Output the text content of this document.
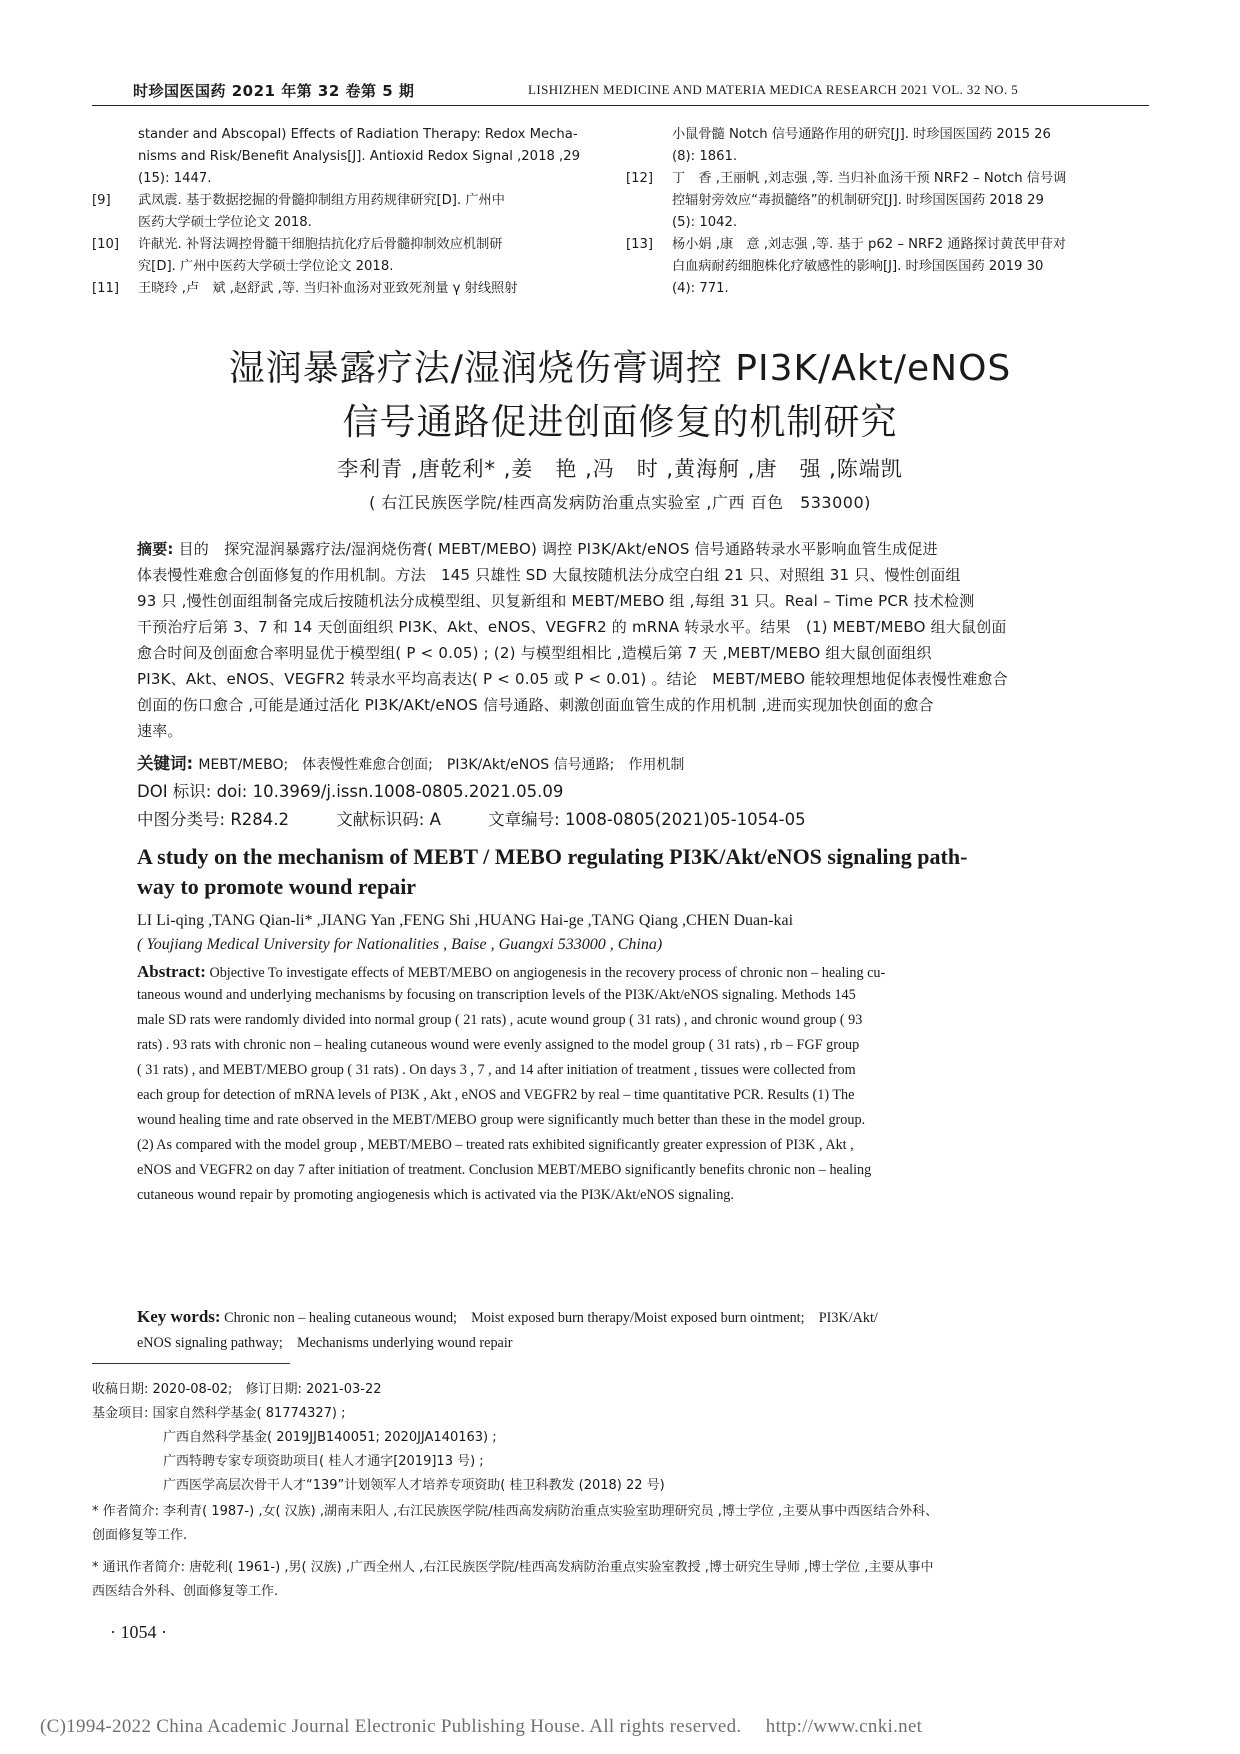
时珍国医国药 2021 年第 32 卷第 5 期	LISHIZHEN MEDICINE AND MATERIA MEDICA RESEARCH 2021 VOL. 32 NO. 5
stander and Abscopal) Effects of Radiation Therapy: Redox Mecha-
nisms and Risk/Benefit Analysis[J]. Antioxid Redox Signal ,2018 ,29
(15): 1447.
[9] 武凤震. 基于数据挖掘的骨髓抑制组方用药规律研究[D]. 广州中
医药大学硕士学位论文 2018.
[10] 许献光. 补肾法调控骨髓干细胞拮抗化疗后骨髓抑制效应机制研
究[D]. 广州中医药大学硕士学位论文 2018.
[11] 王晓玲 ,卢　斌 ,赵舒武 ,等. 当归补血汤对亚致死剂量 γ 射线照射
小鼠骨髓 Notch 信号通路作用的研究[J]. 时珍国医国药 2015 26
(8): 1861.
[12] 丁　香 ,王丽帆 ,刘志强 ,等. 当归补血汤干预 NRF2 – Notch 信号调
控辐射旁效应“毒损髓络”的机制研究[J]. 时珍国医国药 2018 29
(5): 1042.
[13] 杨小娟 ,康　意 ,刘志强 ,等. 基于 p62 – NRF2 通路探讨黄芪甲苷对
白血病耐药细胞株化疗敏感性的影响[J]. 时珍国医国药 2019 30
(4): 771.
湿润暴露疗法/湿润烧伤膏调控 PI3K/Akt/eNOS
信号通路促进创面修复的机制研究
李利青 ,唐乾利* ,姜　艳 ,冯　时 ,黄海舸 ,唐　强 ,陈端凯
( 右江民族医学院/桂西高发病防治重点实验室 ,广西 百色　533000)
摘要: 目的　探究湿润暴露疗法/湿润烧伤膏( MEBT/MEBO) 调控 PI3K/Akt/eNOS 信号通路转录水平影响血管生成促进
体表慢性难愈合创面修复的作用机制。方法　145 只雄性 SD 大鼠按随机法分成空白组 21 只、对照组 31 只、慢性创面组
93 只 ,慢性创面组制备完成后按随机法分成模型组、贝复新组和 MEBT/MEBO 组 ,每组 31 只。Real – Time PCR 技术检测
干预治疗后第 3、7 和 14 天创面组织 PI3K、Akt、eNOS、VEGFR2 的 mRNA 转录水平。结果　(1) MEBT/MEBO 组大鼠创面
愈合时间及创面愈合率明显优于模型组( P < 0.05) ; (2) 与模型组相比 ,造模后第 7 天 ,MEBT/MEBO 组大鼠创面组织
PI3K、Akt、eNOS、VEGFR2 转录水平均高表达( P < 0.05 或 P < 0.01) 。结论　MEBT/MEBO 能较理想地促体表慢性难愈合
创面的伤口愈合 ,可能是通过活化 PI3K/AKt/eNOS 信号通路、刺激创面血管生成的作用机制 ,进而实现加快创面的愈合
速率。
关键词: MEBT/MEBO;　体表慢性难愈合创面;　PI3K/Akt/eNOS 信号通路;　作用机制
DOI 标识: doi: 10.3969/j.issn.1008-0805.2021.05.09
中图分类号: R284.2	文献标识码: A	文章编号: 1008-0805(2021)05-1054-05
A study on the mechanism of MEBT / MEBO regulating PI3K/Akt/eNOS signaling path-
way to promote wound repair
LI Li-qing ,TANG Qian-li* ,JIANG Yan ,FENG Shi ,HUANG Hai-ge ,TANG Qiang ,CHEN Duan-kai
( Youjiang Medical University for Nationalities , Baise , Guangxi 533000 , China)
Abstract: Objective To investigate effects of MEBT/MEBO on angiogenesis in the recovery process of chronic non – healing cu-
taneous wound and underlying mechanisms by focusing on transcription levels of the PI3K/Akt/eNOS signaling. Methods 145
male SD rats were randomly divided into normal group ( 21 rats) , acute wound group ( 31 rats) , and chronic wound group ( 93
rats) . 93 rats with chronic non – healing cutaneous wound were evenly assigned to the model group ( 31 rats) , rb – FGF group
( 31 rats) , and MEBT/MEBO group ( 31 rats) . On days 3 , 7 , and 14 after initiation of treatment , tissues were collected from
each group for detection of mRNA levels of PI3K , Akt , eNOS and VEGFR2 by real – time quantitative PCR. Results (1) The
wound healing time and rate observed in the MEBT/MEBO group were significantly much better than these in the model group.
(2) As compared with the model group , MEBT/MEBO – treated rats exhibited significantly greater expression of PI3K , Akt ,
eNOS and VEGFR2 on day 7 after initiation of treatment. Conclusion MEBT/MEBO significantly benefits chronic non – healing
cutaneous wound repair by promoting angiogenesis which is activated via the PI3K/Akt/eNOS signaling.
Key words: Chronic non – healing cutaneous wound;　Moist exposed burn therapy/Moist exposed burn ointment;　PI3K/Akt/
eNOS signaling pathway;　Mechanisms underlying wound repair
收稿日期: 2020-08-02;　修订日期: 2021-03-22
基金项目: 国家自然科学基金( 81774327) ;
广西自然科学基金( 2019JJB140051; 2020JJA140163) ;
广西特聘专家专项资助项目( 桂人才通字[2019]13 号) ;
广西医学高层次骨干人才“139”计划领军人才培养专项资助( 桂卫科教发 (2018) 22 号)
* 作者简介: 李利青( 1987-) ,女( 汉族) ,湖南耒阳人 ,右江民族医学院/桂西高发病防治重点实验室助理研究员 ,博士学位 ,主要从事中西医结合外科、
创面修复等工作.
* 通讯作者简介: 唐乾利( 1961-) ,男( 汉族) ,广西全州人 ,右江民族医学院/桂西高发病防治重点实验室教授 ,博士研究生导师 ,博士学位 ,主要从事中
西医结合外科、创面修复等工作.
· 1054 ·
(C)1994-2022 China Academic Journal Electronic Publishing House. All rights reserved.　 http://www.cnki.net
